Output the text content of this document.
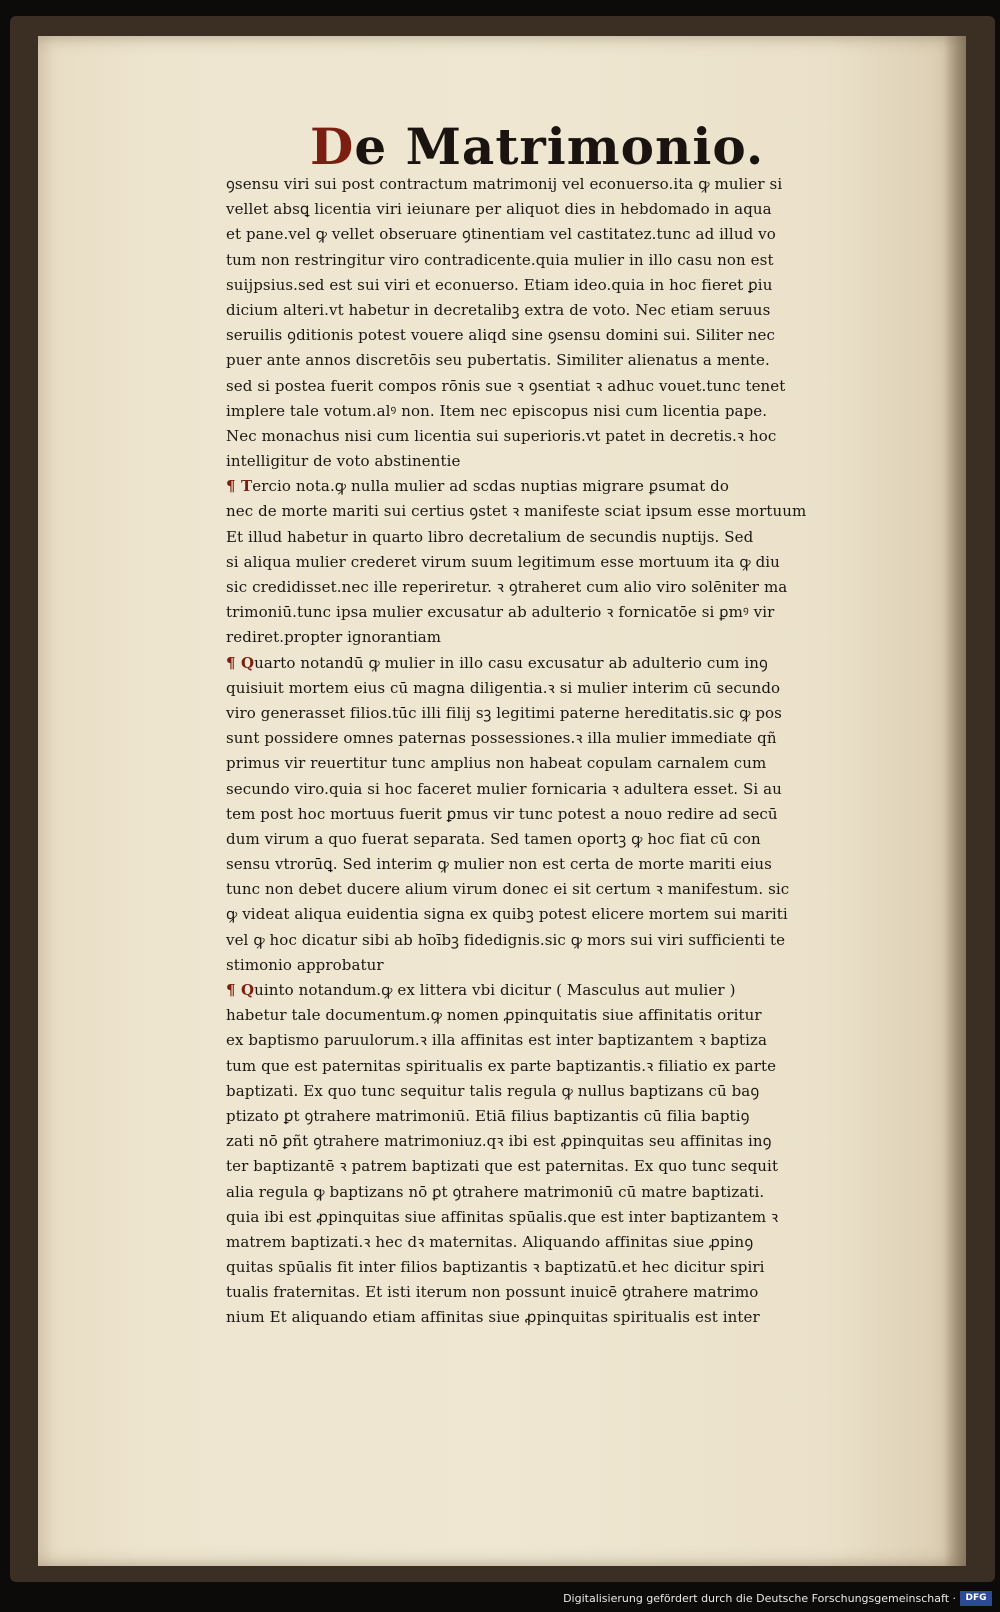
De Matrimonio.
ꝯsensu viri sui post contractum matrimonij vel econuerso.ita ꝙ mulier si
vellet absꝗ licentia viri ieiunare per aliquot dies in hebdomado in aqua
et pane.vel ꝙ vellet obseruare ꝯtinentiam vel castitatez.tunc ad illud vo
tum non restringitur viro contradicente.quia mulier in illo casu non est
suijpsius.sed est sui viri et econuerso. Etiam ideo.quia in hoc fieret ꝑiu
dicium alteri.vt habetur in decretalibꝫ extra de voto. Nec etiam seruus
seruilis ꝯditionis potest vouere aliqd sine ꝯsensu domini sui. Siliter nec
puer ante annos discretōis seu pubertatis. Similiter alienatus a mente.
sed si postea fuerit compos rōnis sue ꝛ ꝯsentiat ꝛ adhuc vouet.tunc tenet
implere tale votum.alꝰ non. Item nec episcopus nisi cum licentia pape.
Nec monachus nisi cum licentia sui superioris.vt patet in decretis.ꝛ hoc
intelligitur de voto abstinentie
¶ Tercio nota.ꝙ nulla mulier ad scdas nuptias migrare ꝑsumat do
nec de morte mariti sui certius ꝯstet ꝛ manifeste sciat ipsum esse mortuum
Et illud habetur in quarto libro decretalium de secundis nuptijs. Sed
si aliqua mulier crederet virum suum legitimum esse mortuum ita ꝙ diu
sic credidisset.nec ille reperiretur. ꝛ ꝯtraheret cum alio viro solēniter ma
trimoniū.tunc ipsa mulier excusatur ab adulterio ꝛ fornicatōe si ꝑmꝰ vir
rediret.propter ignorantiam
¶ Quarto notandū ꝙ mulier in illo casu excusatur ab adulterio cum inꝯ
quisiuit mortem eius cū magna diligentia.ꝛ si mulier interim cū secundo
viro generasset filios.tūc illi filij sꝫ legitimi paterne hereditatis.sic ꝙ pos
sunt possidere omnes paternas possessiones.ꝛ illa mulier immediate qñ
primus vir reuertitur tunc amplius non habeat copulam carnalem cum
secundo viro.quia si hoc faceret mulier fornicaria ꝛ adultera esset. Si au
tem post hoc mortuus fuerit ꝑmus vir tunc potest a nouo redire ad secū
dum virum a quo fuerat separata. Sed tamen oportꝫ ꝙ hoc fiat cū con
sensu vtrorūꝗ. Sed interim ꝙ mulier non est certa de morte mariti eius
tunc non debet ducere alium virum donec ei sit certum ꝛ manifestum. sic
ꝙ videat aliqua euidentia signa ex quibꝫ potest elicere mortem sui mariti
vel ꝙ hoc dicatur sibi ab hoībꝫ fidedignis.sic ꝙ mors sui viri sufficienti te
stimonio approbatur
¶ Quinto notandum.ꝙ ex littera vbi dicitur ( Masculus aut mulier )
habetur tale documentum.ꝙ nomen ꝓpinquitatis siue affinitatis oritur
ex baptismo paruulorum.ꝛ illa affinitas est inter baptizantem ꝛ baptiza
tum que est paternitas spiritualis ex parte baptizantis.ꝛ filiatio ex parte
baptizati. Ex quo tunc sequitur talis regula ꝙ nullus baptizans cū baꝯ
ptizato ꝑt ꝯtrahere matrimoniū. Etiā filius baptizantis cū filia baptiꝯ
zati nō ꝑñt ꝯtrahere matrimoniuz.qꝛ ibi est ꝓpinquitas seu affinitas inꝯ
ter baptizantē ꝛ patrem baptizati que est paternitas. Ex quo tunc sequit
alia regula ꝙ baptizans nō ꝑt ꝯtrahere matrimoniū cū matre baptizati.
quia ibi est ꝓpinquitas siue affinitas spūalis.que est inter baptizantem ꝛ
matrem baptizati.ꝛ hec dꝛ maternitas. Aliquando affinitas siue ꝓpinꝯ
quitas spūalis fit inter filios baptizantis ꝛ baptizatū.et hec dicitur spiri
tualis fraternitas. Et isti iterum non possunt inuicē ꝯtrahere matrimo
nium Et aliquando etiam affinitas siue ꝓpinquitas spiritualis est inter
Digitalisierung gefördert durch die Deutsche Forschungsgemeinschaft ·	DFG
